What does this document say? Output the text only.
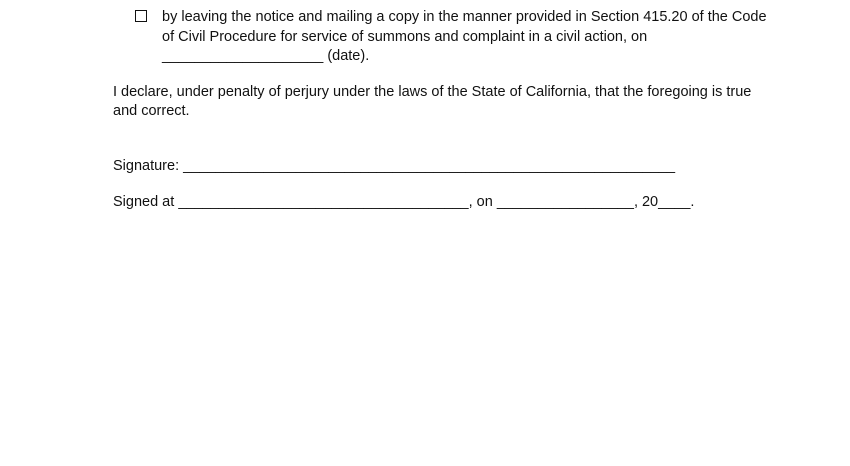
by leaving the notice and mailing a copy in the manner provided in Section 415.20 of the Code
of Civil Procedure for service of summons and complaint in a civil action, on
____________________ (date).
I declare, under penalty of perjury under the laws of the State of California, that the foregoing is true
and correct.
Signature: _____________________________________________________________
Signed at ____________________________________, on _________________, 20____.
